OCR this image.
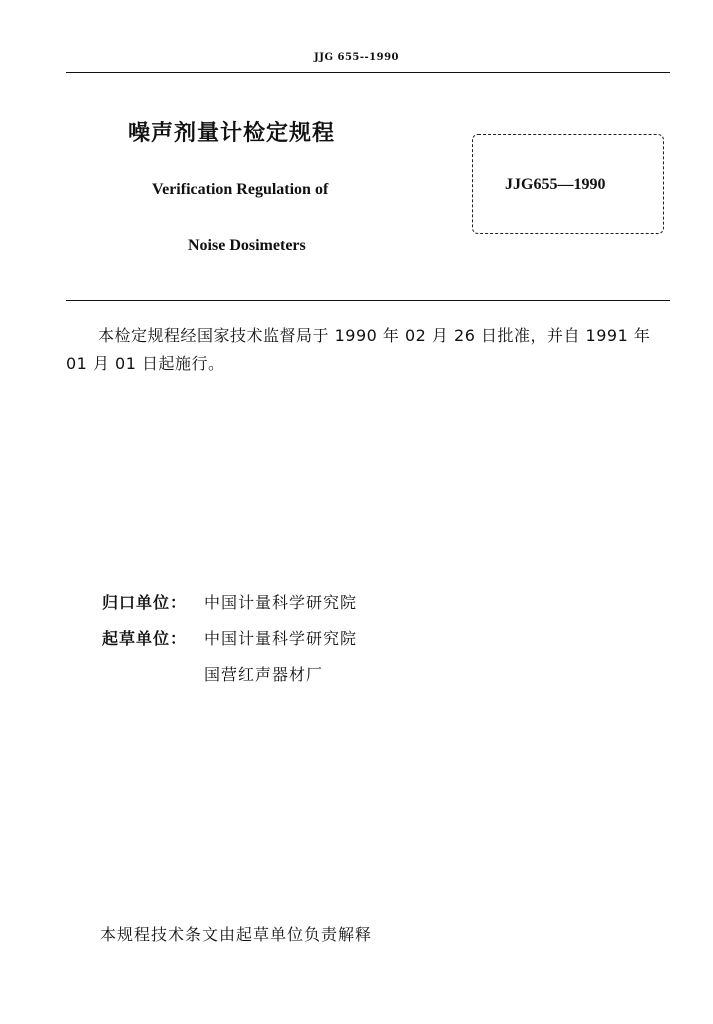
JJG 655--1990
噪声剂量计检定规程
Verification Regulation of
Noise Dosimeters
JJG655—1990
本检定规程经国家技术监督局于 1990 年 02 月 26 日批准，并自 1991 年 01 月 01 日起施行。
归口单位： 中国计量科学研究院
起草单位： 中国计量科学研究院
国营红声器材厂
本规程技术条文由起草单位负责解释
